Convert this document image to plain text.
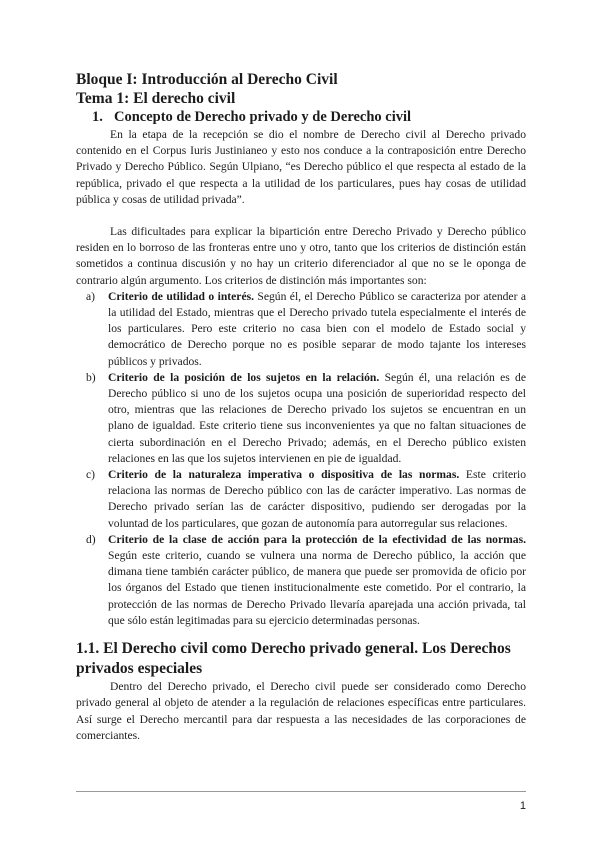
Bloque I: Introducción al Derecho Civil
Tema 1: El derecho civil
1. Concepto de Derecho privado y de Derecho civil

En la etapa de la recepción se dio el nombre de Derecho civil al Derecho privado contenido en el Corpus Iuris Justinianeo y esto nos conduce a la contraposición entre Derecho Privado y Derecho Público. Según Ulpiano, “es Derecho público el que respecta al estado de la república, privado el que respecta a la utilidad de los particulares, pues hay cosas de utilidad pública y cosas de utilidad privada”.

Las dificultades para explicar la bipartición entre Derecho Privado y Derecho público residen en lo borroso de las fronteras entre uno y otro, tanto que los criterios de distinción están sometidos a continua discusión y no hay un criterio diferenciador al que no se le oponga de contrario algún argumento. Los criterios de distinción más importantes son:

a)	Criterio de utilidad o interés. Según él, el Derecho Público se caracteriza por atender a la utilidad del Estado, mientras que el Derecho privado tutela especialmente el interés de los particulares. Pero este criterio no casa bien con el modelo de Estado social y democrático de Derecho porque no es posible separar de modo tajante los intereses públicos y privados.
b)	Criterio de la posición de los sujetos en la relación. Según él, una relación es de Derecho público si uno de los sujetos ocupa una posición de superioridad respecto del otro, mientras que las relaciones de Derecho privado los sujetos se encuentran en un plano de igualdad. Este criterio tiene sus inconvenientes ya que no faltan situaciones de cierta subordinación en el Derecho Privado; además, en el Derecho público existen relaciones en las que los sujetos intervienen en pie de igualdad.
c)	Criterio de la naturaleza imperativa o dispositiva de las normas. Este criterio relaciona las normas de Derecho público con las de carácter imperativo. Las normas de Derecho privado serían las de carácter dispositivo, pudiendo ser derogadas por la voluntad de los particulares, que gozan de autonomía para autorregular sus relaciones.
d)	Criterio de la clase de acción para la protección de la efectividad de las normas. Según este criterio, cuando se vulnera una norma de Derecho público, la acción que dimana tiene también carácter público, de manera que puede ser promovida de oficio por los órganos del Estado que tienen institucionalmente este cometido. Por el contrario, la protección de las normas de Derecho Privado llevaría aparejada una acción privada, tal que sólo están legitimadas para su ejercicio determinadas personas.
1.1. El Derecho civil como Derecho privado general. Los Derechos privados especiales

Dentro del Derecho privado, el Derecho civil puede ser considerado como Derecho privado general al objeto de atender a la regulación de relaciones específicas entre particulares. Así surge el Derecho mercantil para dar respuesta a las necesidades de las corporaciones de comerciantes.

1
